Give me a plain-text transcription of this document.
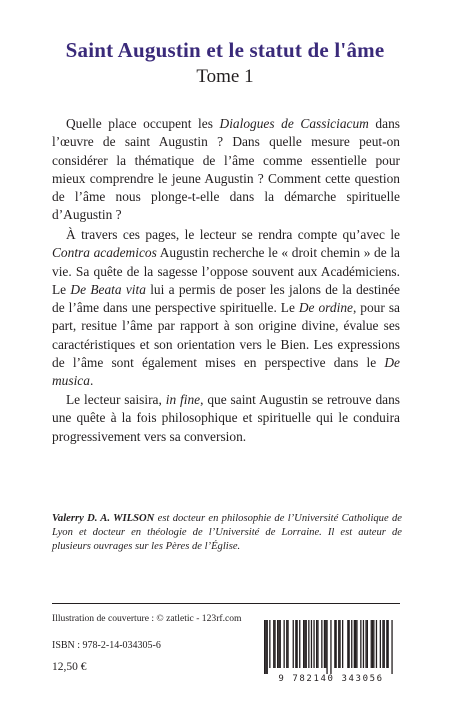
Saint Augustin et le statut de l'âme
Tome 1

Quelle place occupent les Dialogues de Cassiciacum dans l’œuvre de saint Augustin ? Dans quelle mesure peut-on considérer la thématique de l’âme comme essentielle pour mieux comprendre le jeune Augustin ? Comment cette question de l’âme nous plonge-t-elle dans la démarche spirituelle d’Augustin ?

À travers ces pages, le lecteur se rendra compte qu’avec le Contra academicos Augustin recherche le « droit chemin » de la vie. Sa quête de la sagesse l’oppose souvent aux Académiciens. Le De Beata vita lui a permis de poser les jalons de la destinée de l’âme dans une perspective spirituelle. Le De ordine, pour sa part, resitue l’âme par rapport à son origine divine, évalue ses caractéristiques et son orientation vers le Bien. Les expressions de l’âme sont également mises en perspective dans le De musica.

Le lecteur saisira, in fine, que saint Augustin se retrouve dans une quête à la fois philosophique et spirituelle qui le conduira progressivement vers sa conversion.

Valerry D. A. WILSON est docteur en philosophie de l’Université Catholique de Lyon et docteur en théologie de l’Université de Lorraine. Il est auteur de plusieurs ouvrages sur les Pères de l’Église.

Illustration de couverture : © zatletic - 123rf.com
ISBN : 978-2-14-034305-6
12,50 €
9 782140 343056
